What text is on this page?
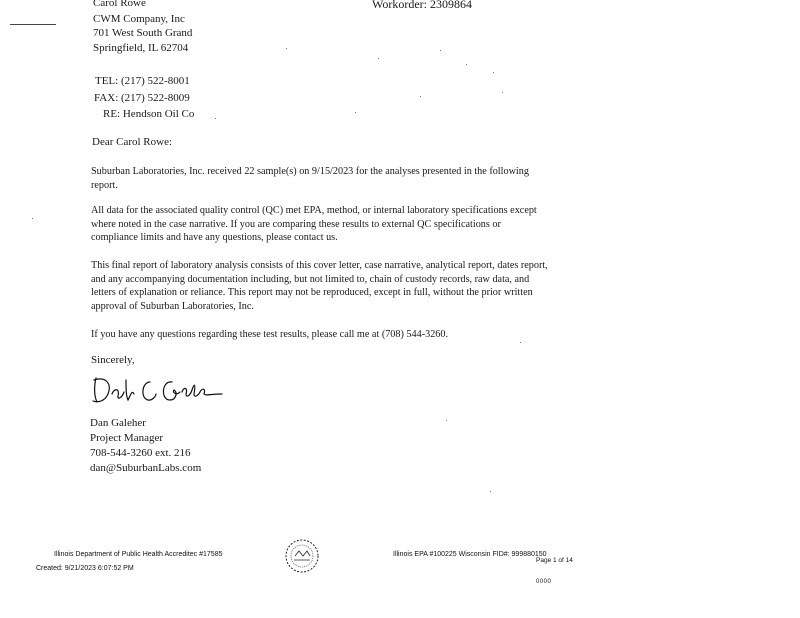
Carol Rowe
CWM Company, Inc
701 West South Grand
Springfield, IL 62704
TEL: (217) 522-8001
FAX: (217) 522-8009
RE: Hendson Oil Co
Workorder: 2309864
Dear Carol Rowe:
Suburban Laboratories, Inc. received 22 sample(s) on 9/15/2023 for the analyses presented in the following report.
All data for the associated quality control (QC) met EPA, method, or internal laboratory specifications except where noted in the case narrative. If you are comparing these results to external QC specifications or compliance limits and have any questions, please contact us.
This final report of laboratory analysis consists of this cover letter, case narrative, analytical report, dates report, and any accompanying documentation including, but not limited to, chain of custody records, raw data, and letters of explanation or reliance. This report may not be reproduced, except in full, without the prior written approval of Suburban Laboratories, Inc.
If you have any questions regarding these test results, please call me at (708) 544-3260.
Sincerely,
Dan Galeher
Project Manager
708-544-3260 ext. 216
dan@SuburbanLabs.com
Illinois Department of Public Health Accreditec #17585
Created: 9/21/2023 6:07:52 PM
Illinois EPA #100225 Wisconsin FID#: 999880150
Page 1 of 14
0000
